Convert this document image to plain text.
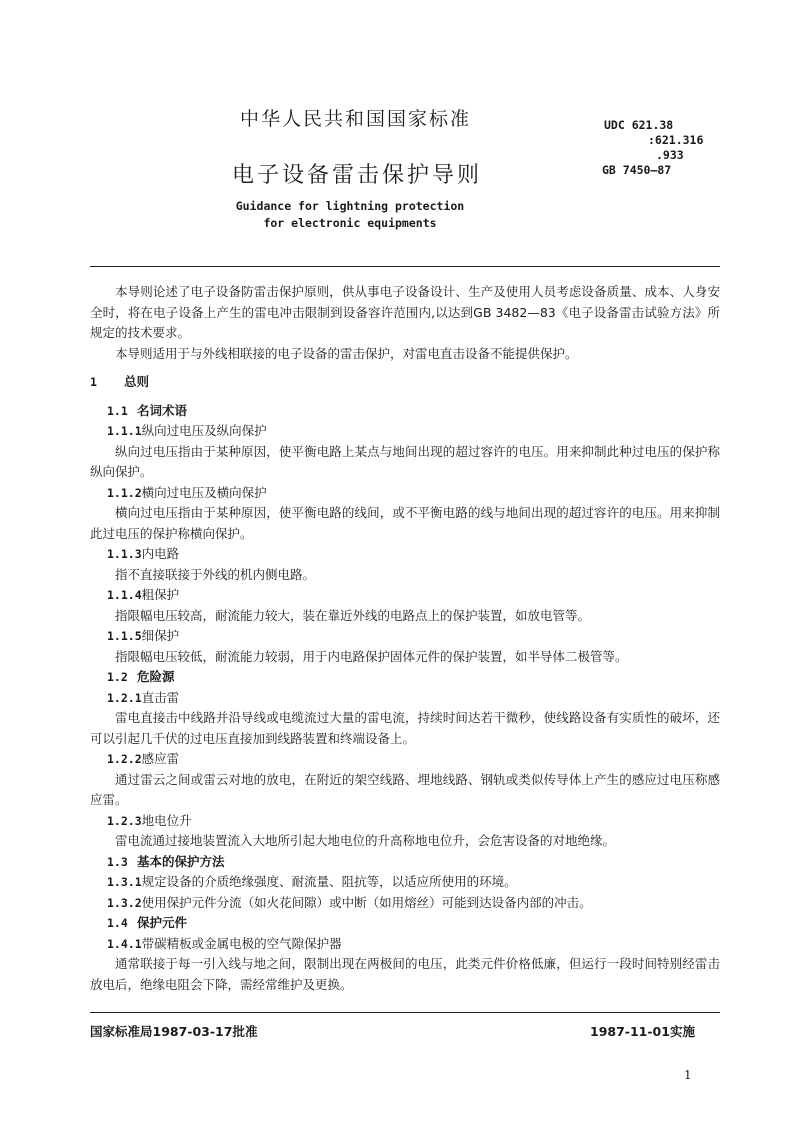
中华人民共和国国家标准
电子设备雷击保护导则
Guidance for lightning protection
for electronic equipments
UDC 621.38
:621.316
.933
GB 7450—87

本导则论述了电子设备防雷击保护原则，供从事电子设备设计、生产及使用人员考虑设备质量、成本、人身安全时，将在电子设备上产生的雷电冲击限制到设备容许范围内,以达到GB 3482—83《电子设备雷击试验方法》所规定的技术要求。

本导则适用于与外线相联接的电子设备的雷击保护，对雷电直击设备不能提供保护。

1 总则

1.1 名词术语

1.1.1纵向过电压及纵向保护

纵向过电压指由于某种原因，使平衡电路上某点与地间出现的超过容许的电压。用来抑制此种过电压的保护称纵向保护。

1.1.2横向过电压及横向保护

横向过电压指由于某种原因，使平衡电路的线间，或不平衡电路的线与地间出现的超过容许的电压。用来抑制此过电压的保护称横向保护。

1.1.3内电路

指不直接联接于外线的机内侧电路。

1.1.4粗保护

指限幅电压较高，耐流能力较大，装在靠近外线的电路点上的保护装置，如放电管等。

1.1.5细保护

指限幅电压较低，耐流能力较弱，用于内电路保护固体元件的保护装置，如半导体二极管等。

1.2 危险源

1.2.1直击雷

雷电直接击中线路并沿导线或电缆流过大量的雷电流，持续时间达若干微秒，使线路设备有实质性的破坏，还可以引起几千伏的过电压直接加到线路装置和终端设备上。

1.2.2感应雷

通过雷云之间或雷云对地的放电，在附近的架空线路、埋地线路、钢轨或类似传导体上产生的感应过电压称感应雷。

1.2.3地电位升

雷电流通过接地装置流入大地所引起大地电位的升高称地电位升，会危害设备的对地绝缘。

1.3 基本的保护方法

1.3.1规定设备的介质绝缘强度、耐流量、阻抗等，以适应所使用的环境。

1.3.2使用保护元件分流（如火花间隙）或中断（如用熔丝）可能到达设备内部的冲击。

1.4 保护元件

1.4.1带碳精板或金属电极的空气隙保护器

通常联接于每一引入线与地之间，限制出现在两极间的电压，此类元件价格低廉，但运行一段时间特别经雷击放电后，绝缘电阻会下降，需经常维护及更换。

国家标准局1987-03-17批准	1987-11-01实施
1
